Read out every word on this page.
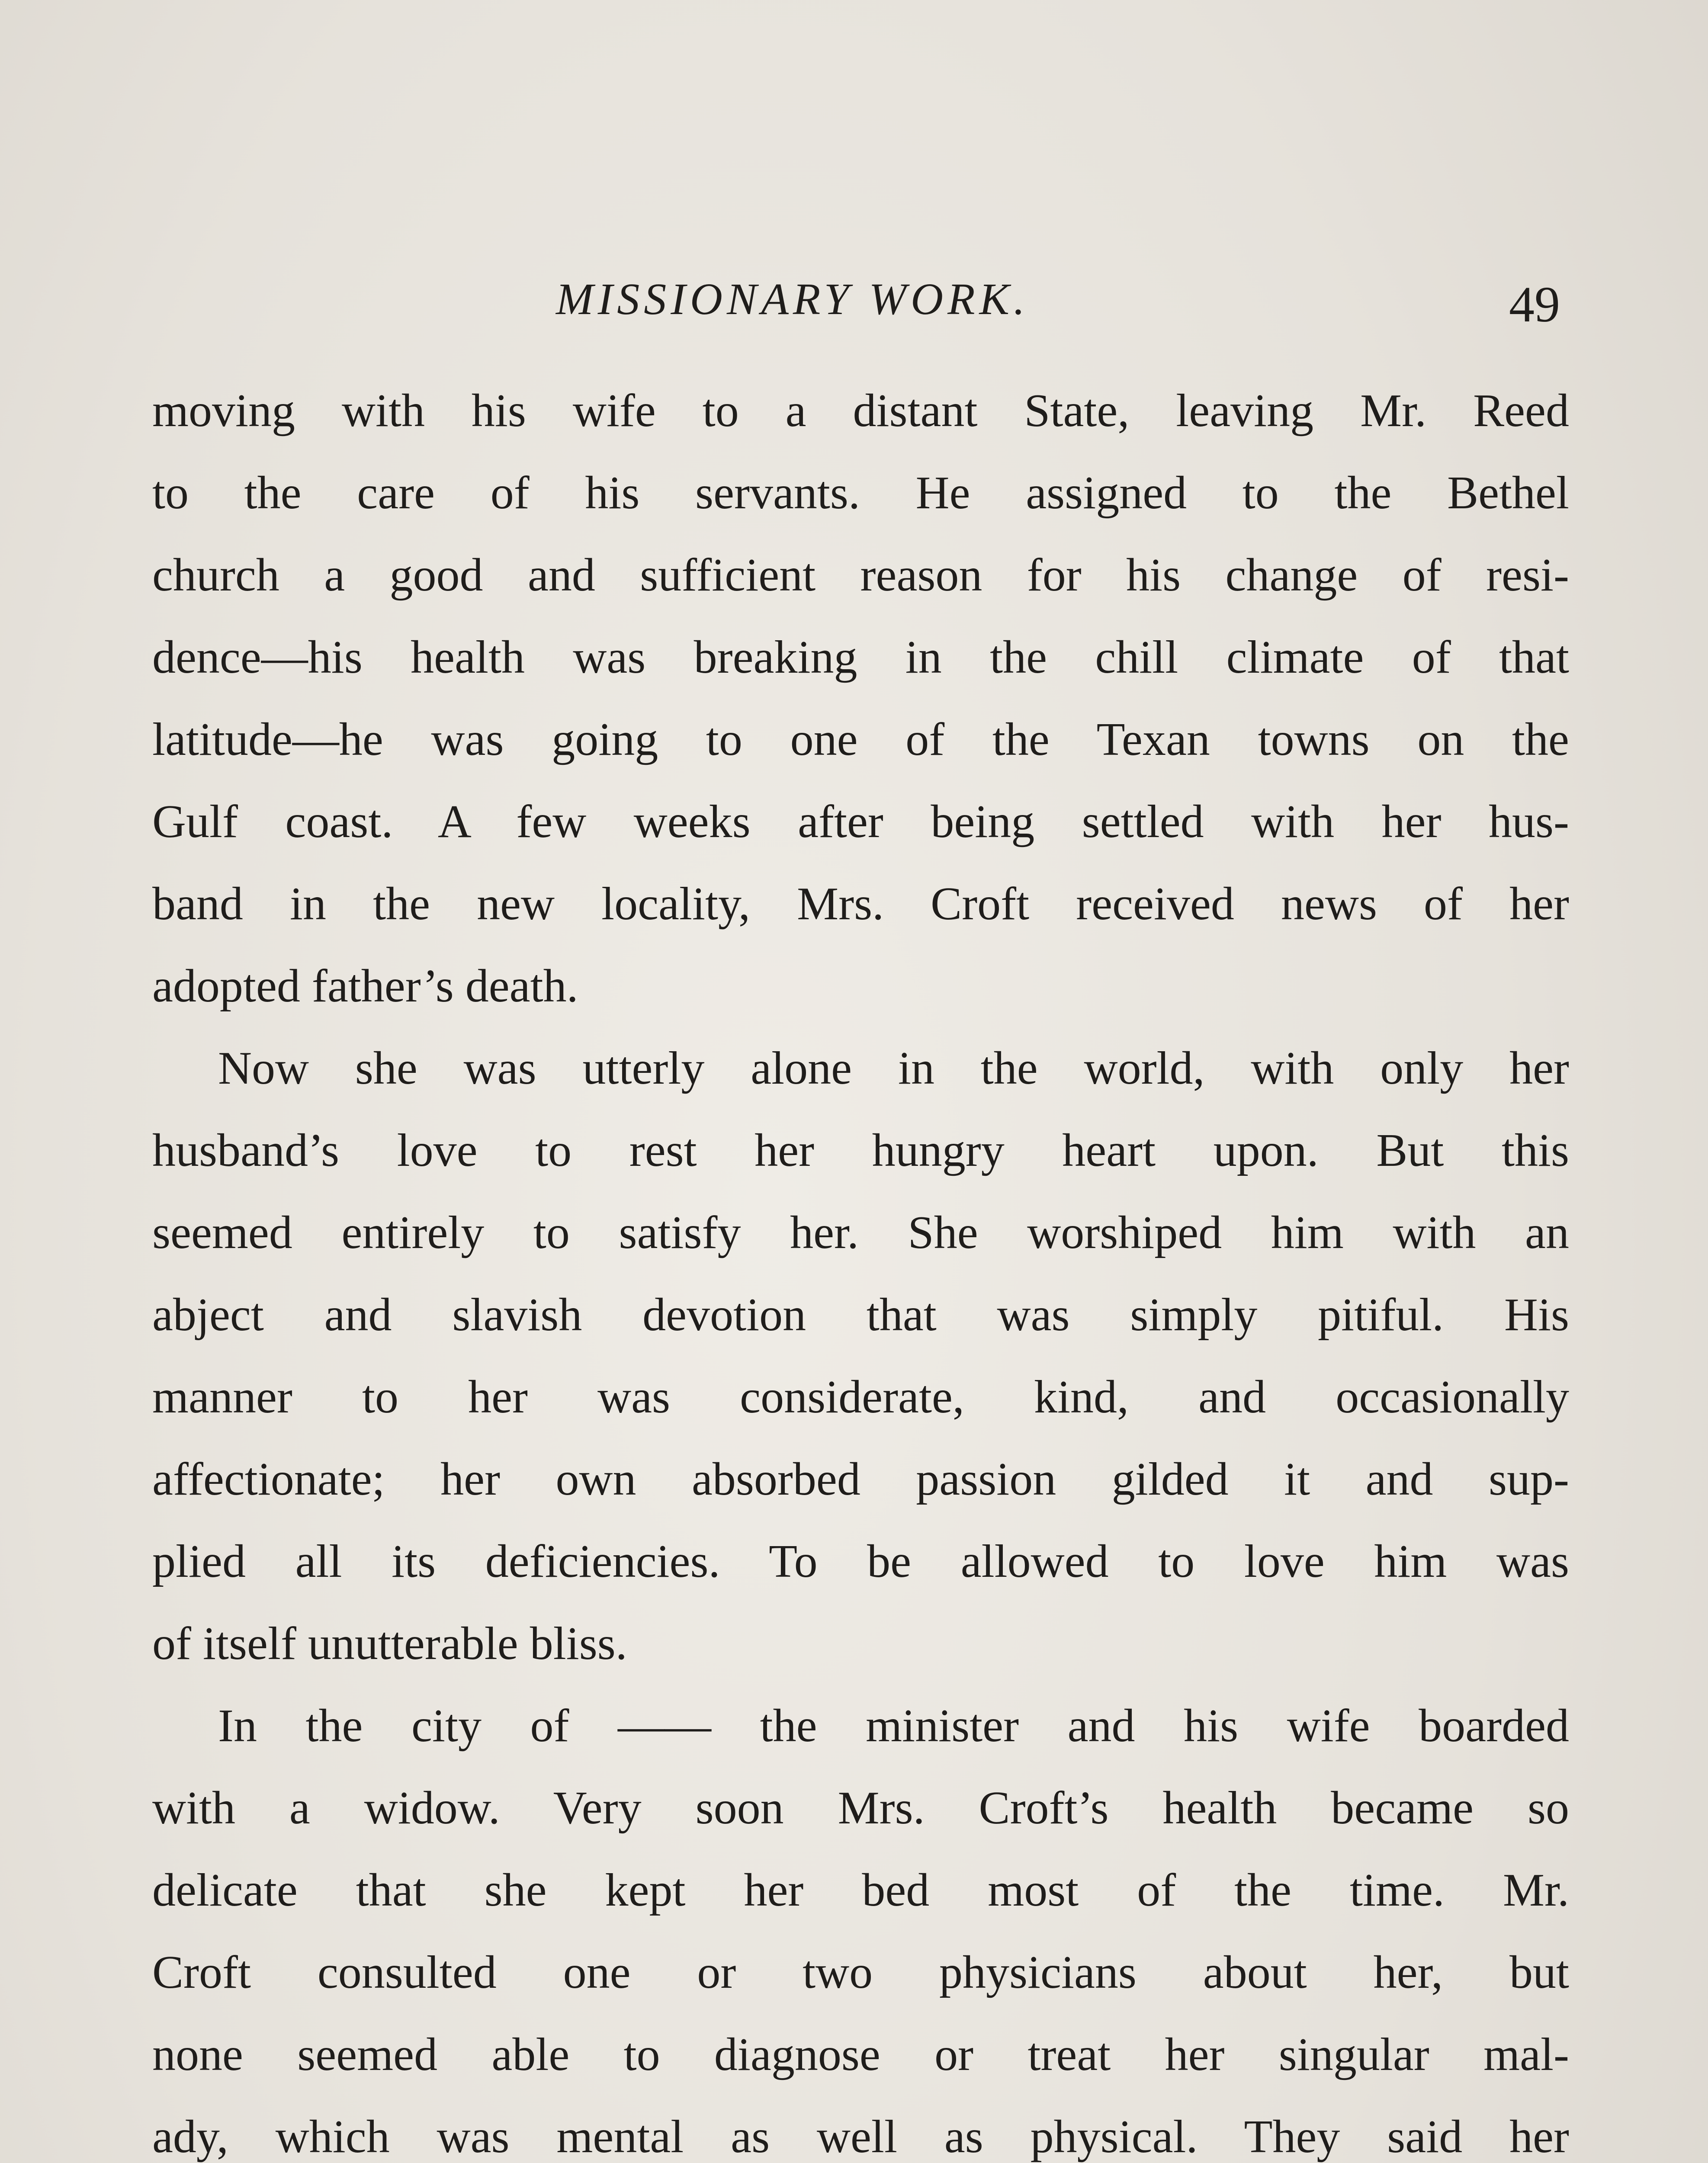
MISSIONARY WORK.	49
moving with his wife to a distant State, leaving Mr. Reed
to the care of his servants. He assigned to the Bethel
church a good and sufficient reason for his change of resi-
dence—his health was breaking in the chill climate of that
latitude—he was going to one of the Texan towns on the
Gulf coast. A few weeks after being settled with her hus-
band in the new locality, Mrs. Croft received news of her
adopted father’s death.
Now she was utterly alone in the world, with only her
husband’s love to rest her hungry heart upon. But this
seemed entirely to satisfy her. She worshiped him with an
abject and slavish devotion that was simply pitiful. His
manner to her was considerate, kind, and occasionally
affectionate; her own absorbed passion gilded it and sup-
plied all its deficiencies. To be allowed to love him was
of itself unutterable bliss.
In the city of —— the minister and his wife boarded
with a widow. Very soon Mrs. Croft’s health became so
delicate that she kept her bed most of the time. Mr.
Croft consulted one or two physicians about her, but
none seemed able to diagnose or treat her singular mal-
ady, which was mental as well as physical. They said her
